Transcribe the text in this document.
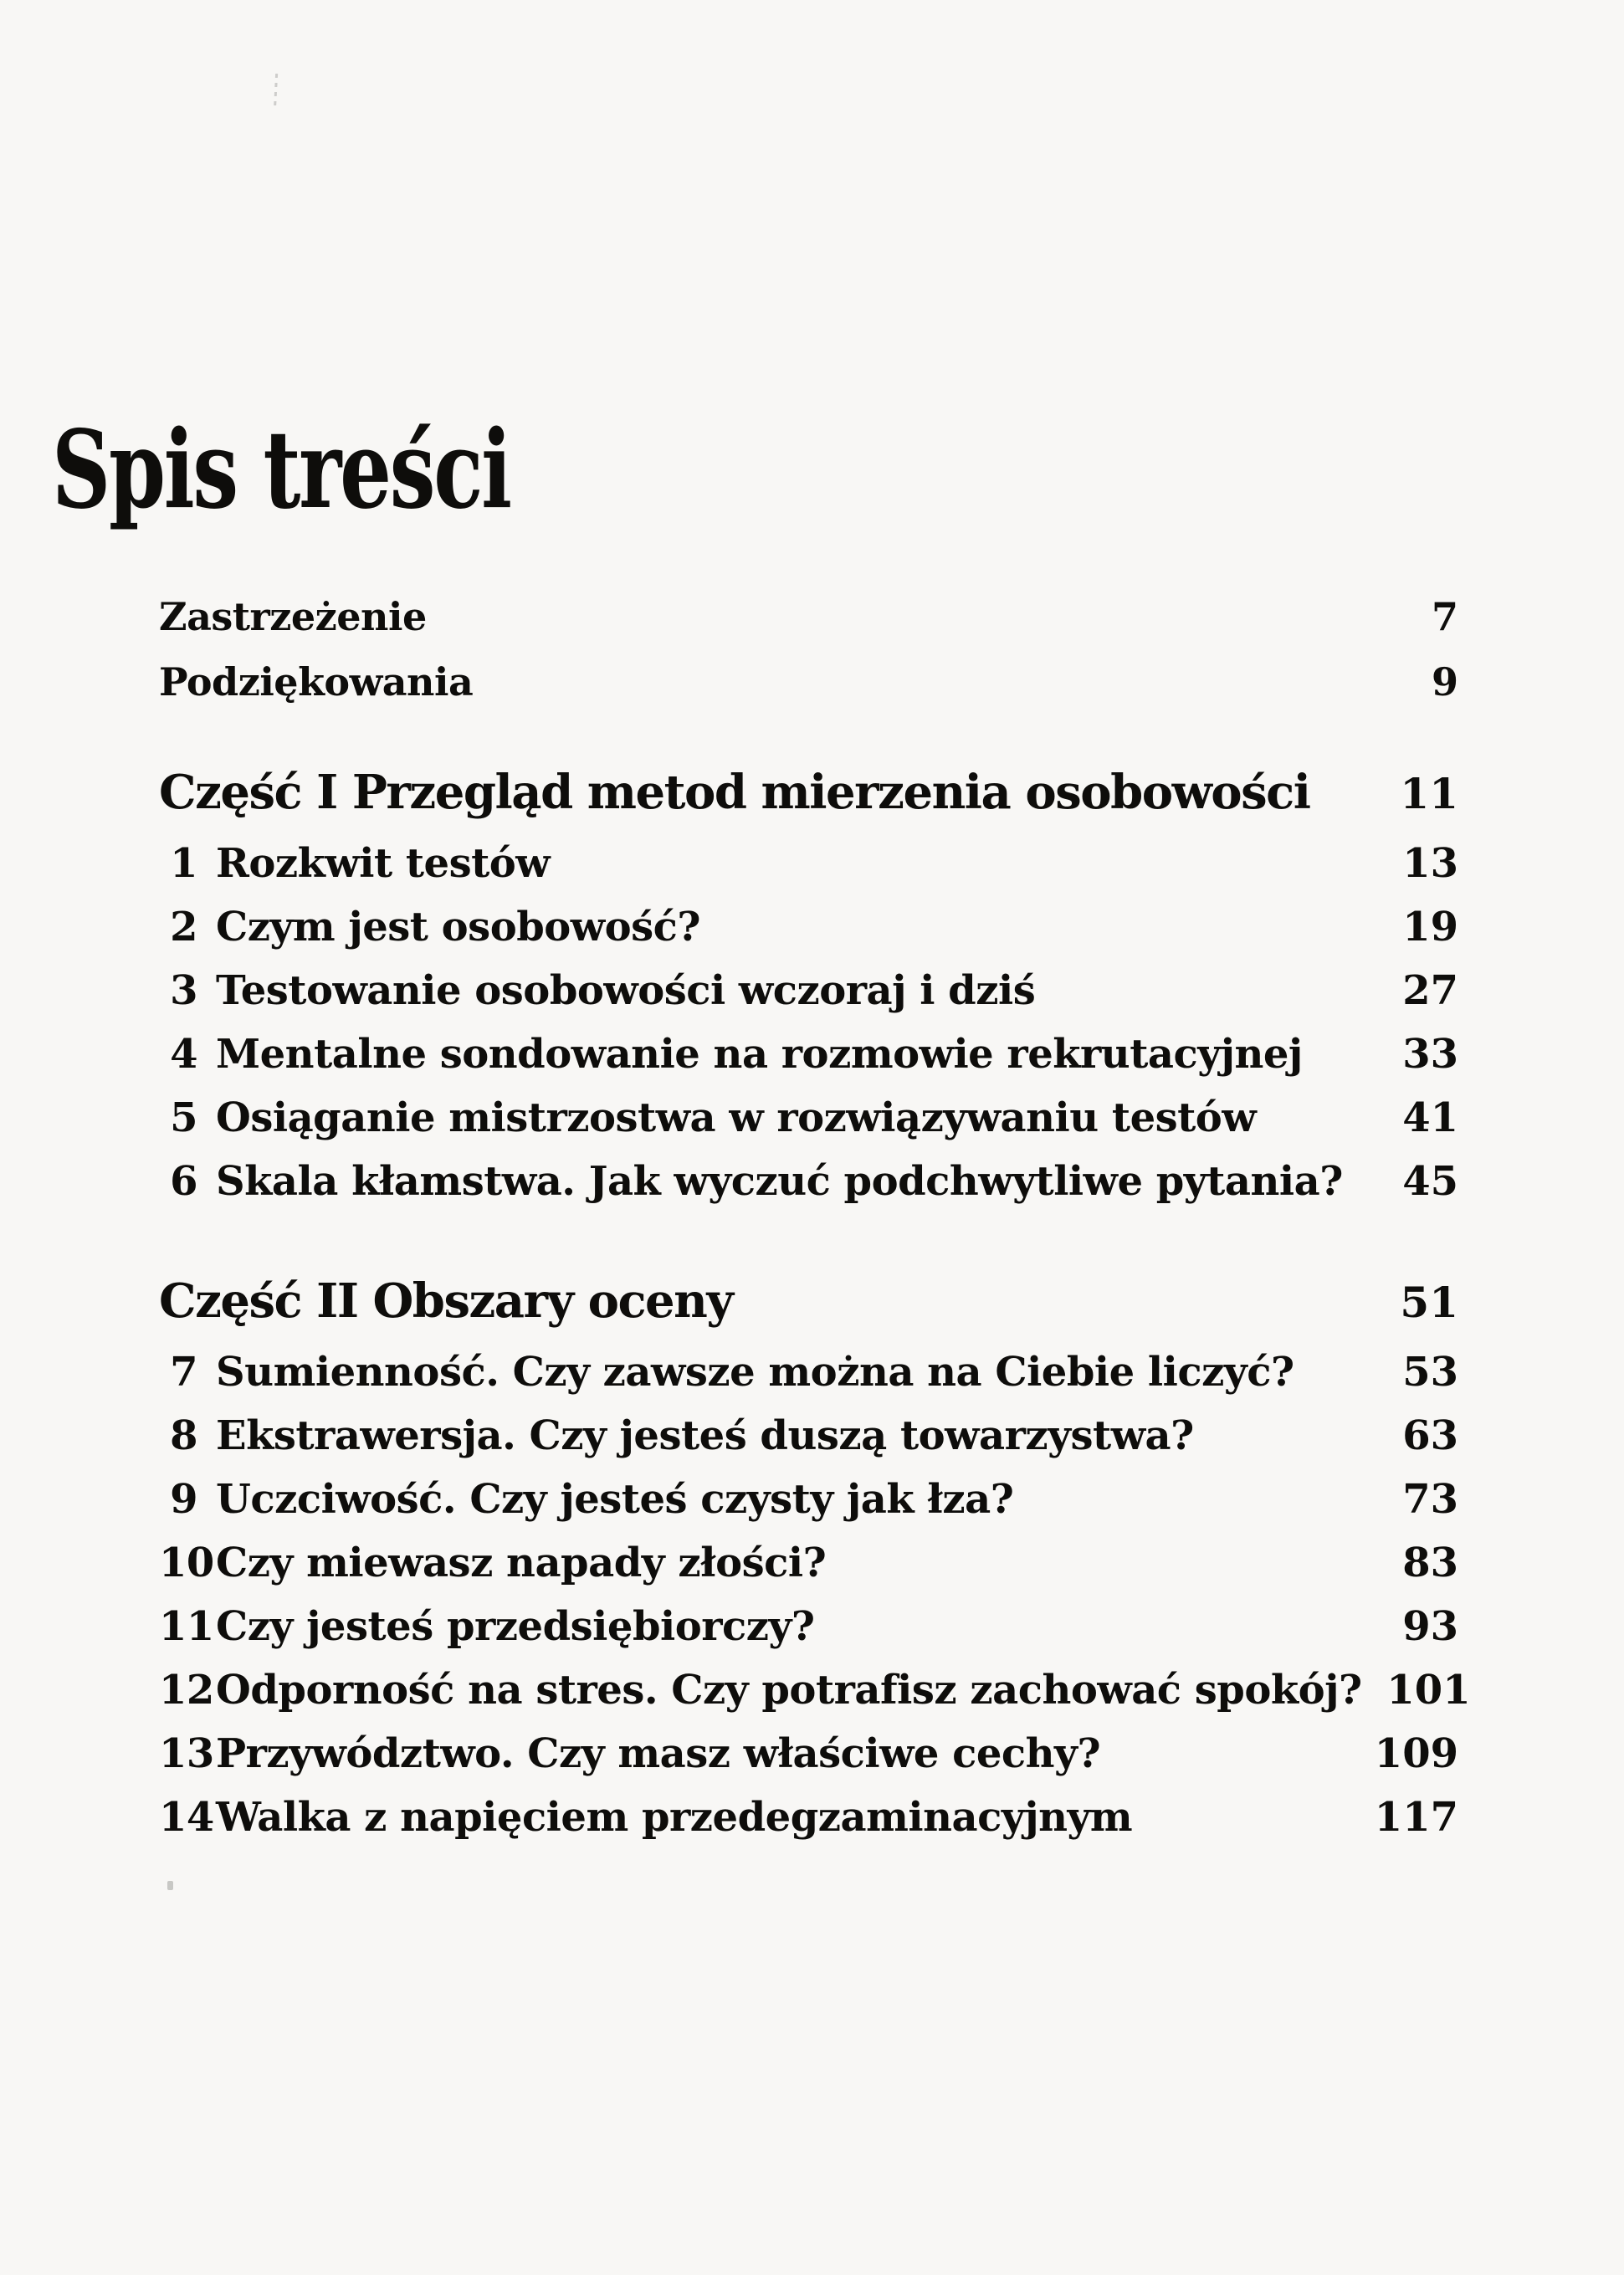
Spis treści
Zastrzeżenie	7
Podziękowania	9
Część I Przegląd metod mierzenia osobowości	11
1 Rozkwit testów	13
2 Czym jest osobowość?	19
3 Testowanie osobowości wczoraj i dziś	27
4 Mentalne sondowanie na rozmowie rekrutacyjnej	33
5 Osiąganie mistrzostwa w rozwiązywaniu testów	41
6 Skala kłamstwa. Jak wyczuć podchwytliwe pytania?	45
Część II Obszary oceny	51
7 Sumienność. Czy zawsze można na Ciebie liczyć?	53
8 Ekstrawersja. Czy jesteś duszą towarzystwa?	63
9 Uczciwość. Czy jesteś czysty jak łza?	73
10 Czy miewasz napady złości?	83
11 Czy jesteś przedsiębiorczy?	93
12 Odporność na stres. Czy potrafisz zachować spokój? 101
13 Przywództwo. Czy masz właściwe cechy?	109
14 Walka z napięciem przedegzaminacyjnym	117
